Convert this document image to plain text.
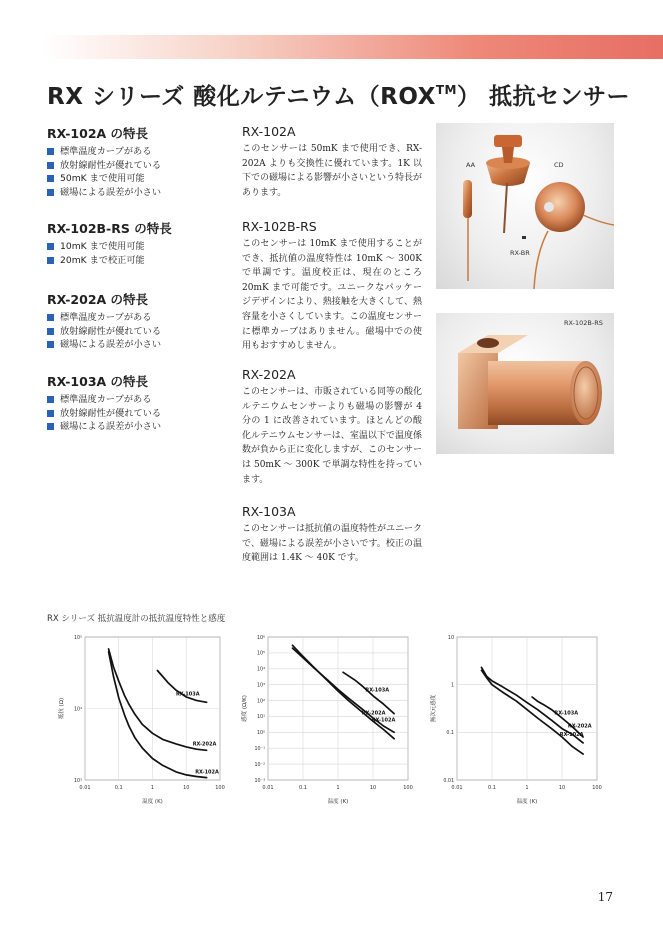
RX シリーズ 酸化ルテニウム（ROX™） 抵抗センサー
RX-102A の特長
標準温度カーブがある
放射線耐性が優れている
50mK まで使用可能
磁場による誤差が小さい
RX-102B-RS の特長
10mK まで使用可能
20mK まで校正可能
RX-202A の特長
標準温度カーブがある
放射線耐性が優れている
磁場による誤差が小さい
RX-103A の特長
標準温度カーブがある
放射線耐性が優れている
磁場による誤差が小さい
RX-102A

このセンサーは 50mK まで使用でき、RX-202A よりも交換性に優れています。1K 以下での磁場による影響が小さいという特長があります。

RX-102B-RS

このセンサーは 10mK まで使用することができ、抵抗値の温度特性は 10mK ～ 300K で単調です。温度校正は、現在のところ 20mK まで可能です。ユニークなパッケージデザインにより、熱接触を大きくして、熱容量を小さくしています。この温度センサーに標準カーブはありません。磁場中での使用もおすすめしません。

RX-202A

このセンサーは、市販されている同等の酸化ルテニウムセンサーよりも磁場の影響が 4 分の 1 に改善されています。ほとんどの酸化ルテニウムセンサーは、室温以下で温度係数が負から正に変化しますが、このセンサーは 50mK ～ 300K で単調な特性を持っています。

RX-103A

このセンサーは抵抗値の温度特性がユニークで、磁場による誤差が小さいです。校正の温度範囲は 1.4K ～ 40K です。

AA	CD
RX-BR
RX-102B-RS
RX シリーズ 抵抗温度計の抵抗温度特性と感度
0.01	0.1	1	10	100
10³
10⁴
10⁵
RX-103A
RX-202A
RX-102A
温度 (K)
抵抗 (Ω)
0.01	0.1	1	10	100
10⁻³
10⁻²
10⁻¹
10⁰
10¹
10²
10³
10⁴
10⁵
10⁶
RX-103A
RX-202A
RX-102A
温度 (K)
感度 (Ω/K)
0.01	0.1	1	10	100
0.01
0.1
1
10
RX-103A
RX-202A
RX-102A
温度 (K)
無次元感度
17
